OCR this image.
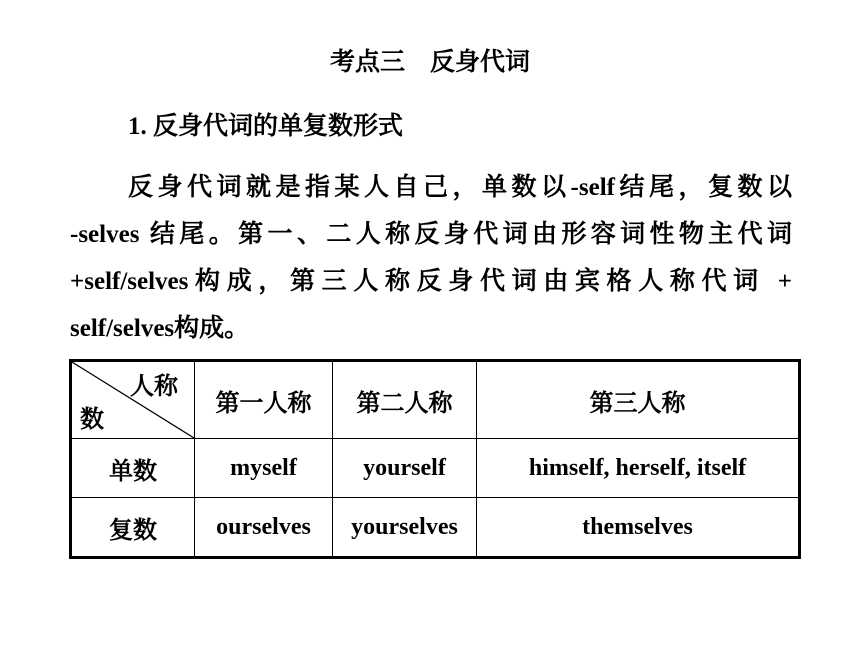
考点三    反身代词
1. 反身代词的单复数形式
反身代词就是指某人自己，单数以-self结尾，复数以
-selves 结尾。第一、二人称反身代词由形容词性物主代词
+self/selves构成，第三人称反身代词由宾格人称代词 +
self/selves构成。
人称
数	第一人称	第二人称	第三人称
单数	myself	yourself	himself, herself, itself
复数	ourselves	yourselves	themselves
